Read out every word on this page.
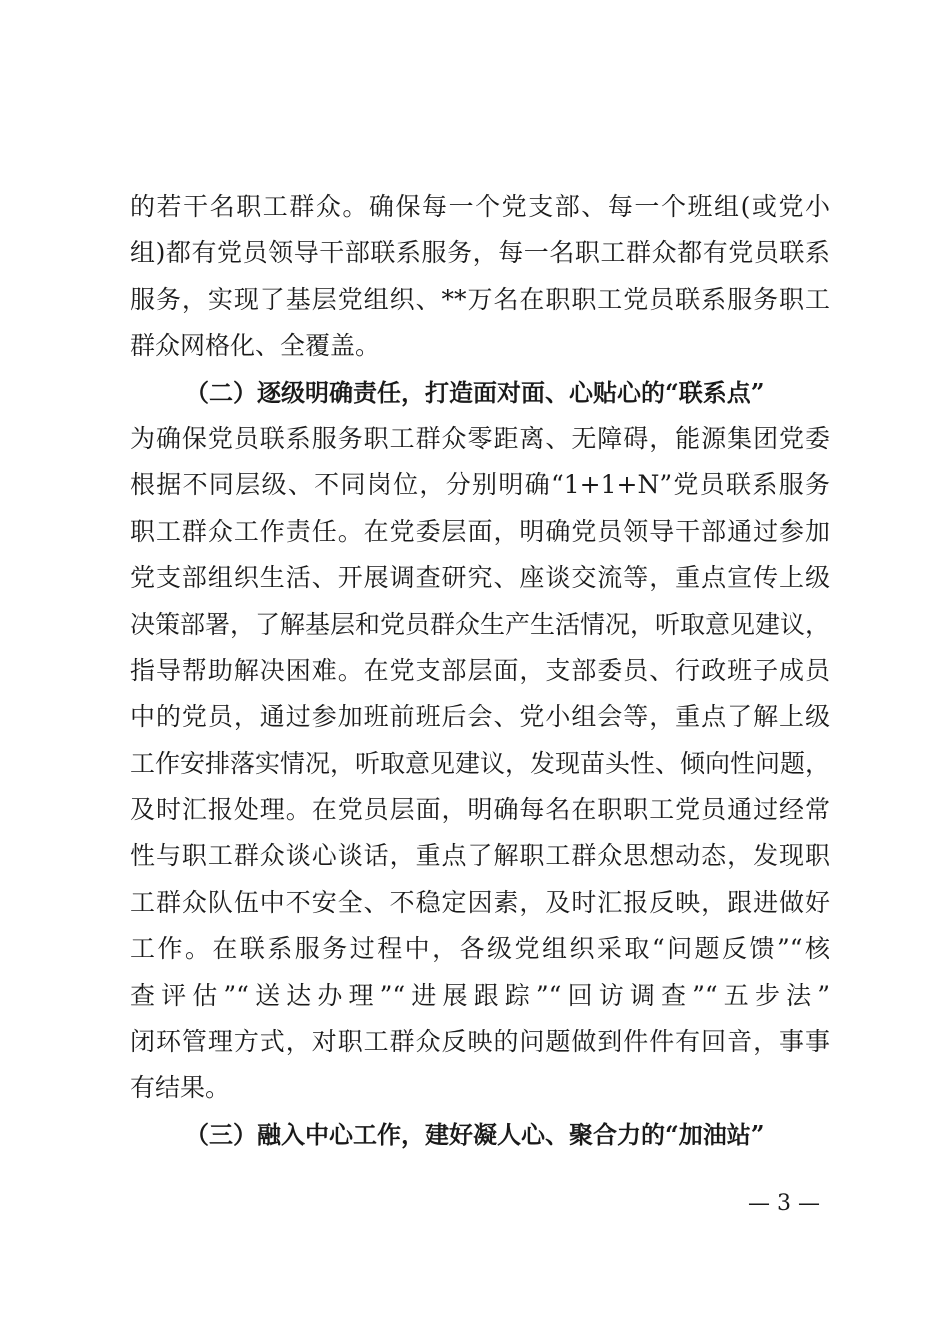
的若干名职工群众。确保每一个党支部、每一个班组(或党小
组)都有党员领导干部联系服务，每一名职工群众都有党员联系
服务，实现了基层党组织、**万名在职职工党员联系服务职工
群众网格化、全覆盖。
（二）逐级明确责任，打造面对面、心贴心的“联系点”
为确保党员联系服务职工群众零距离、无障碍，能源集团党委
根据不同层级、不同岗位，分别明确“1+1+N”党员联系服务
职工群众工作责任。在党委层面，明确党员领导干部通过参加
党支部组织生活、开展调查研究、座谈交流等，重点宣传上级
决策部署，了解基层和党员群众生产生活情况，听取意见建议，
指导帮助解决困难。在党支部层面，支部委员、行政班子成员
中的党员，通过参加班前班后会、党小组会等，重点了解上级
工作安排落实情况，听取意见建议，发现苗头性、倾向性问题，
及时汇报处理。在党员层面，明确每名在职职工党员通过经常
性与职工群众谈心谈话，重点了解职工群众思想动态，发现职
工群众队伍中不安全、不稳定因素，及时汇报反映，跟进做好
工作。在联系服务过程中，各级党组织采取“问题反馈”“核
查评估”“送达办理”“进展跟踪”“回访调查”“五步法”
闭环管理方式，对职工群众反映的问题做到件件有回音，事事
有结果。
（三）融入中心工作，建好凝人心、聚合力的“加油站”
— 3 —
